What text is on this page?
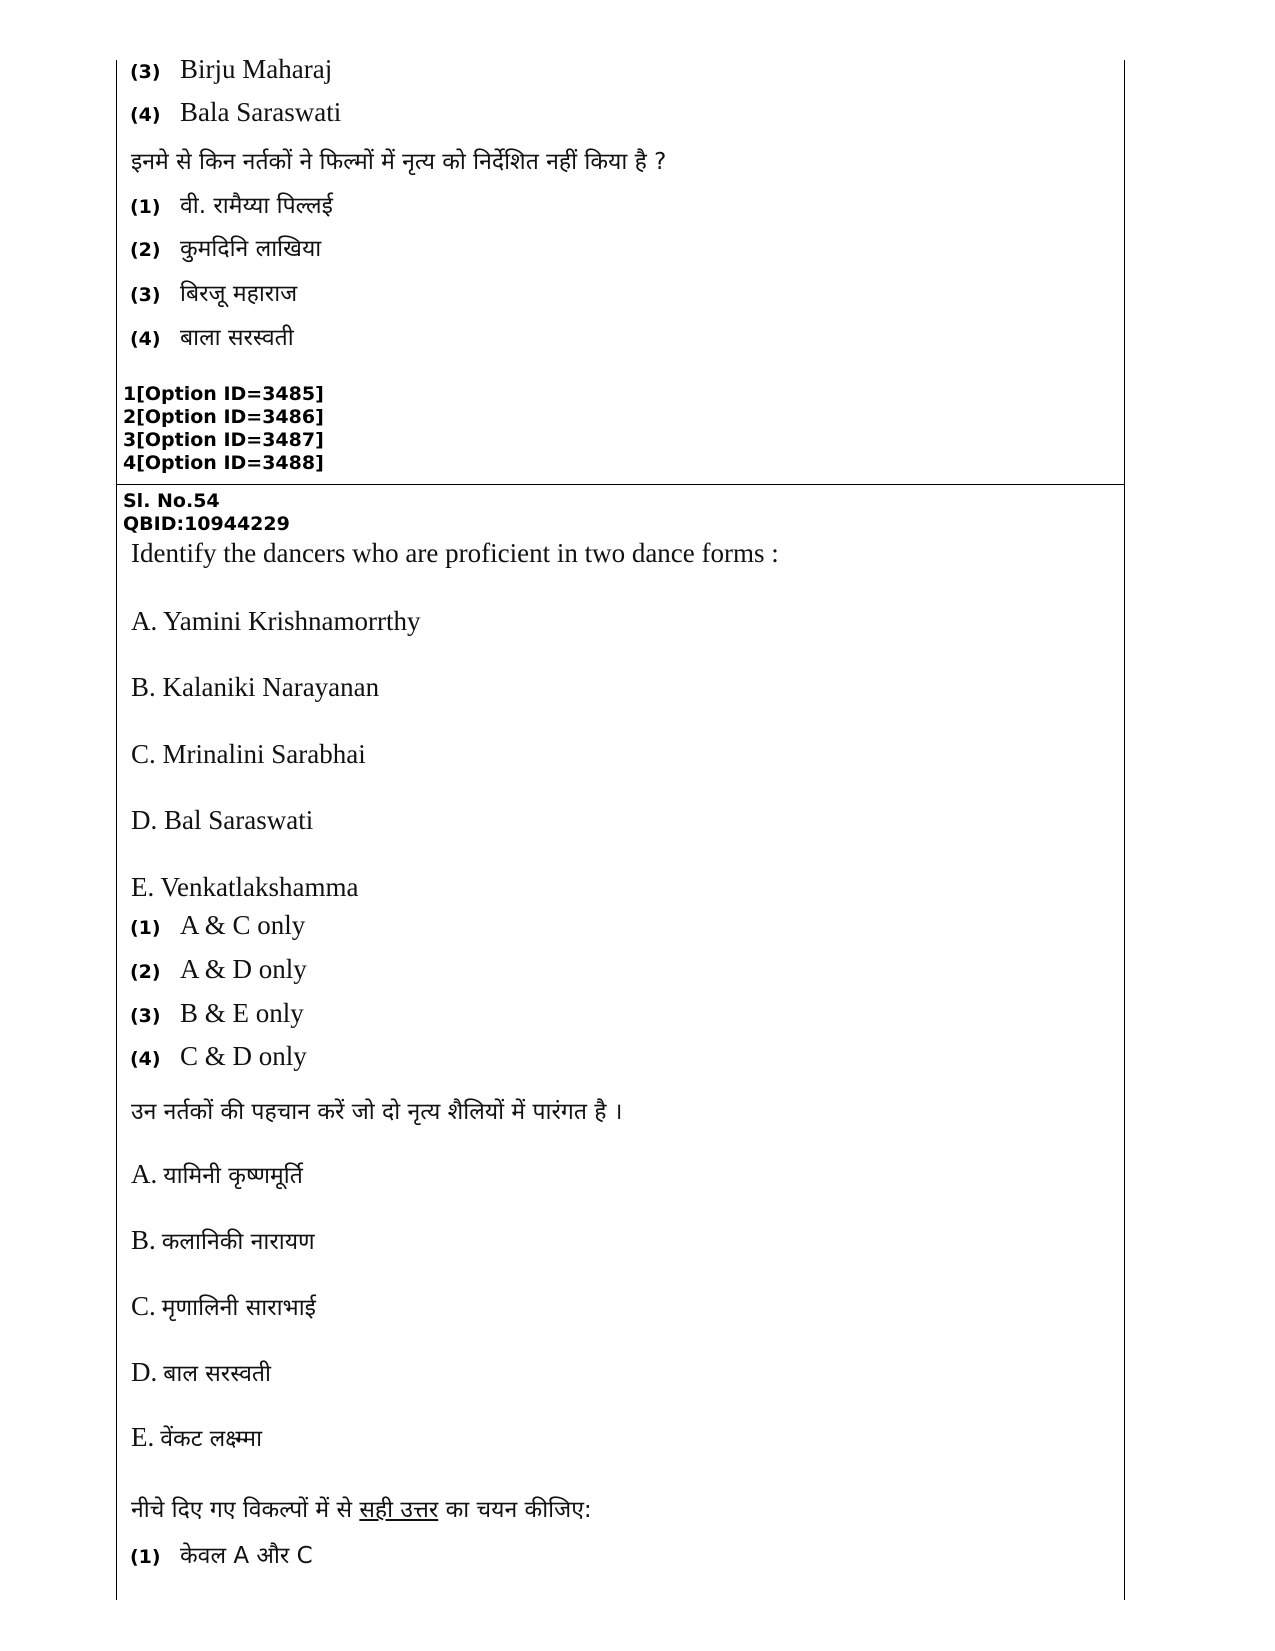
(3) Birju Maharaj
(4) Bala Saraswati
इनमे से किन नर्तकों ने फिल्मों में नृत्य को निर्देशित नहीं किया है ?
(1) वी. रामैय्या पिल्लई
(2) कुमदिनि लाखिया
(3) बिरजू महाराज
(4) बाला सरस्वती
1[Option ID=3485]
2[Option ID=3486]
3[Option ID=3487]
4[Option ID=3488]
Sl. No.54
QBID:10944229
Identify the dancers who are proficient in two dance forms :
A. Yamini Krishnamorrthy
B. Kalaniki Narayanan
C. Mrinalini Sarabhai
D. Bal Saraswati
E. Venkatlakshamma
(1) A & C only
(2) A & D only
(3) B & E only
(4) C & D only
उन नर्तकों की पहचान करें जो दो नृत्य शैलियों में पारंगत है ।
A. यामिनी कृष्णमूर्ति
B. कलानिकी नारायण
C. मृणालिनी साराभाई
D. बाल सरस्वती
E. वेंकट लक्ष्म्मा
नीचे दिए गए विकल्पों में से सही उत्तर का चयन कीजिए:
(1) केवल A और C
